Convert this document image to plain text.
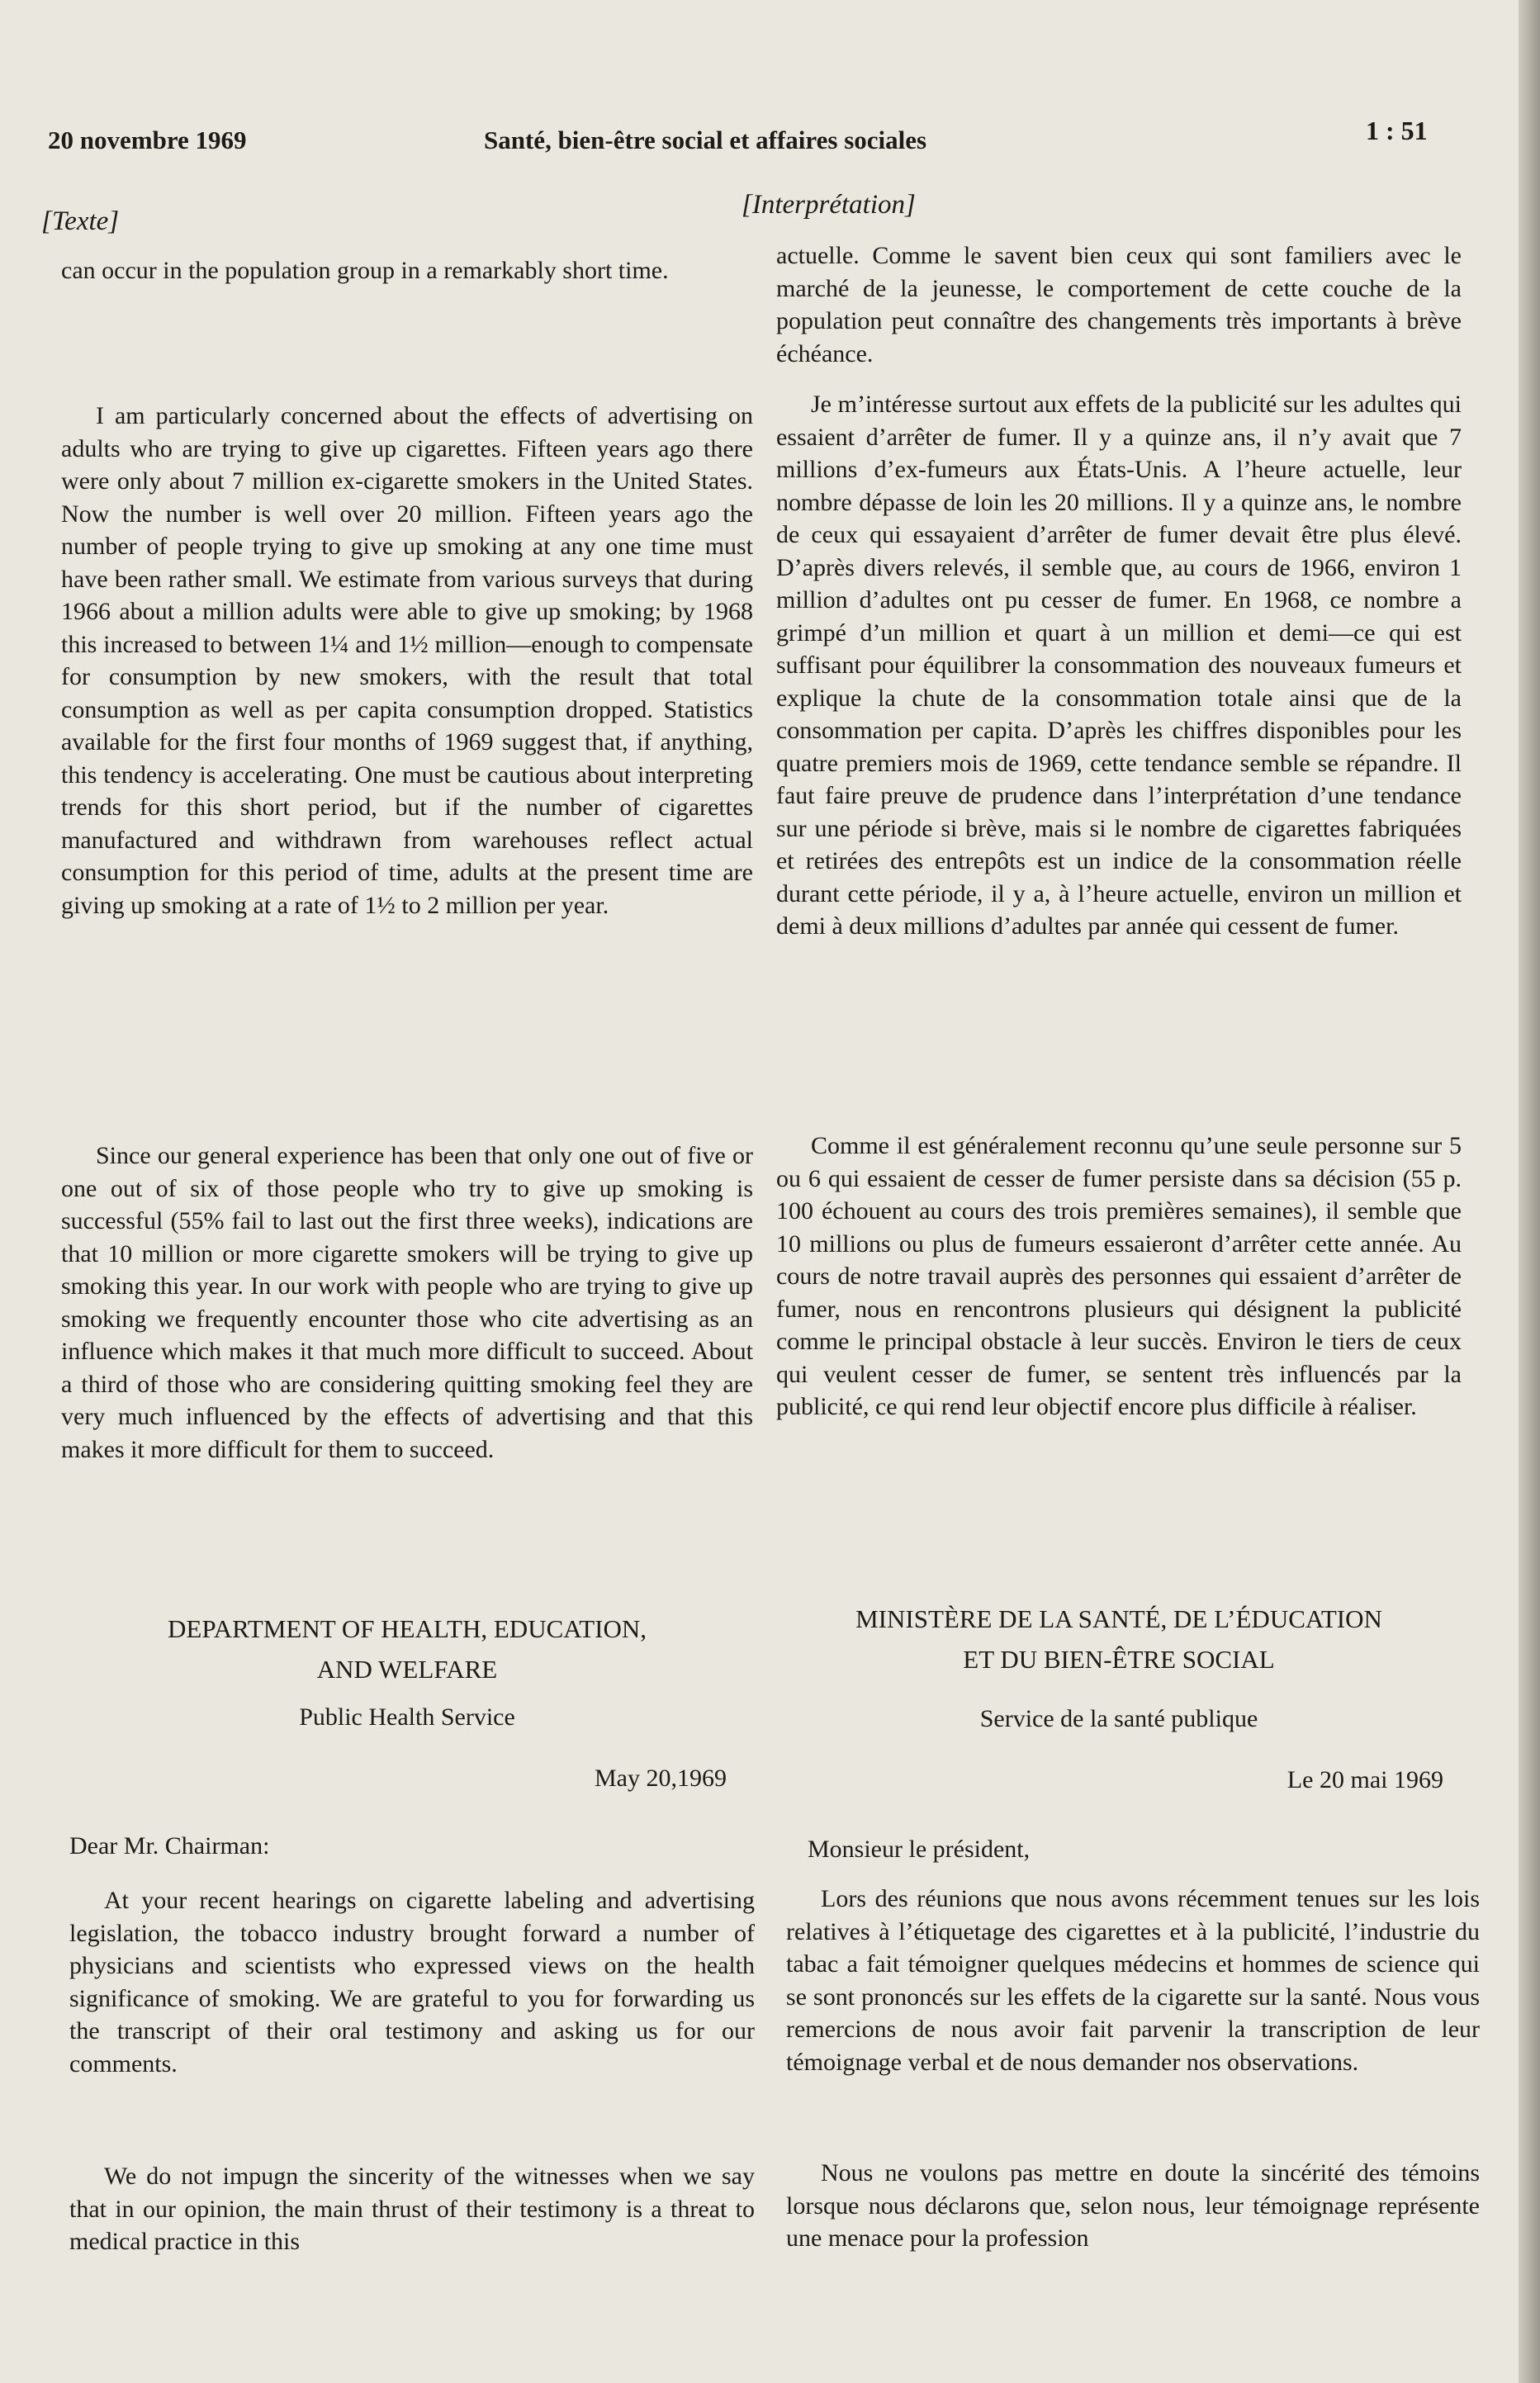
20 novembre 1969	Santé, bien-être social et affaires sociales	1 : 51
[Texte]
[Interprétation]

can occur in the population group in a remarkably short time.

I am particularly concerned about the effects of advertising on adults who are trying to give up cigarettes. Fifteen years ago there were only about 7 million ex-cigarette smokers in the United States. Now the number is well over 20 million. Fifteen years ago the number of people trying to give up smoking at any one time must have been rather small. We estimate from various surveys that during 1966 about a million adults were able to give up smoking; by 1968 this increased to between 1¼ and 1½ million—enough to compensate for consumption by new smokers, with the result that total consumption as well as per capita consumption dropped. Statistics available for the first four months of 1969 suggest that, if anything, this tendency is accelerating. One must be cautious about interpreting trends for this short period, but if the number of cigarettes manufactured and withdrawn from warehouses reflect actual consumption for this period of time, adults at the present time are giving up smoking at a rate of 1½ to 2 million per year.

Since our general experience has been that only one out of five or one out of six of those people who try to give up smoking is successful (55% fail to last out the first three weeks), indications are that 10 million or more cigarette smokers will be trying to give up smoking this year. In our work with people who are trying to give up smoking we frequently encounter those who cite advertising as an influence which makes it that much more difficult to succeed. About a third of those who are considering quitting smoking feel they are very much influenced by the effects of advertising and that this makes it more difficult for them to succeed.

DEPARTMENT OF HEALTH, EDUCATION,

AND WELFARE

Public Health Service

May 20,1969

Dear Mr. Chairman:

At your recent hearings on cigarette labeling and advertising legislation, the tobacco industry brought forward a number of physicians and scientists who expressed views on the health significance of smoking. We are grateful to you for forwarding us the transcript of their oral testimony and asking us for our comments.

We do not impugn the sincerity of the witnesses when we say that in our opinion, the main thrust of their testimony is a threat to medical practice in this

actuelle. Comme le savent bien ceux qui sont familiers avec le marché de la jeunesse, le comportement de cette couche de la population peut connaître des changements très importants à brève échéance.

Je m’intéresse surtout aux effets de la publicité sur les adultes qui essaient d’arrêter de fumer. Il y a quinze ans, il n’y avait que 7 millions d’ex-fumeurs aux États-Unis. A l’heure actuelle, leur nombre dépasse de loin les 20 millions. Il y a quinze ans, le nombre de ceux qui essayaient d’arrêter de fumer devait être plus élevé. D’après divers relevés, il semble que, au cours de 1966, environ 1 million d’adultes ont pu cesser de fumer. En 1968, ce nombre a grimpé d’un million et quart à un million et demi—ce qui est suffisant pour équilibrer la consommation des nouveaux fumeurs et explique la chute de la consommation totale ainsi que de la consommation per capita. D’après les chiffres disponibles pour les quatre premiers mois de 1969, cette tendance semble se répandre. Il faut faire preuve de prudence dans l’interprétation d’une tendance sur une période si brève, mais si le nombre de cigarettes fabriquées et retirées des entrepôts est un indice de la consommation réelle durant cette période, il y a, à l’heure actuelle, environ un million et demi à deux millions d’adultes par année qui cessent de fumer.

Comme il est généralement reconnu qu’une seule personne sur 5 ou 6 qui essaient de cesser de fumer persiste dans sa décision (55 p. 100 échouent au cours des trois premières semaines), il semble que 10 millions ou plus de fumeurs essaieront d’arrêter cette année. Au cours de notre travail auprès des personnes qui essaient d’arrêter de fumer, nous en rencontrons plusieurs qui désignent la publicité comme le principal obstacle à leur succès. Environ le tiers de ceux qui veulent cesser de fumer, se sentent très influencés par la publicité, ce qui rend leur objectif encore plus difficile à réaliser.

MINISTÈRE DE LA SANTÉ, DE L’ÉDUCATION

ET DU BIEN-ÊTRE SOCIAL

Service de la santé publique

Le 20 mai 1969

Monsieur le président,

Lors des réunions que nous avons récemment tenues sur les lois relatives à l’étiquetage des cigarettes et à la publicité, l’industrie du tabac a fait témoigner quelques médecins et hommes de science qui se sont prononcés sur les effets de la cigarette sur la santé. Nous vous remercions de nous avoir fait parvenir la transcription de leur témoignage verbal et de nous demander nos observations.

Nous ne voulons pas mettre en doute la sincérité des témoins lorsque nous déclarons que, selon nous, leur témoignage représente une menace pour la profession
